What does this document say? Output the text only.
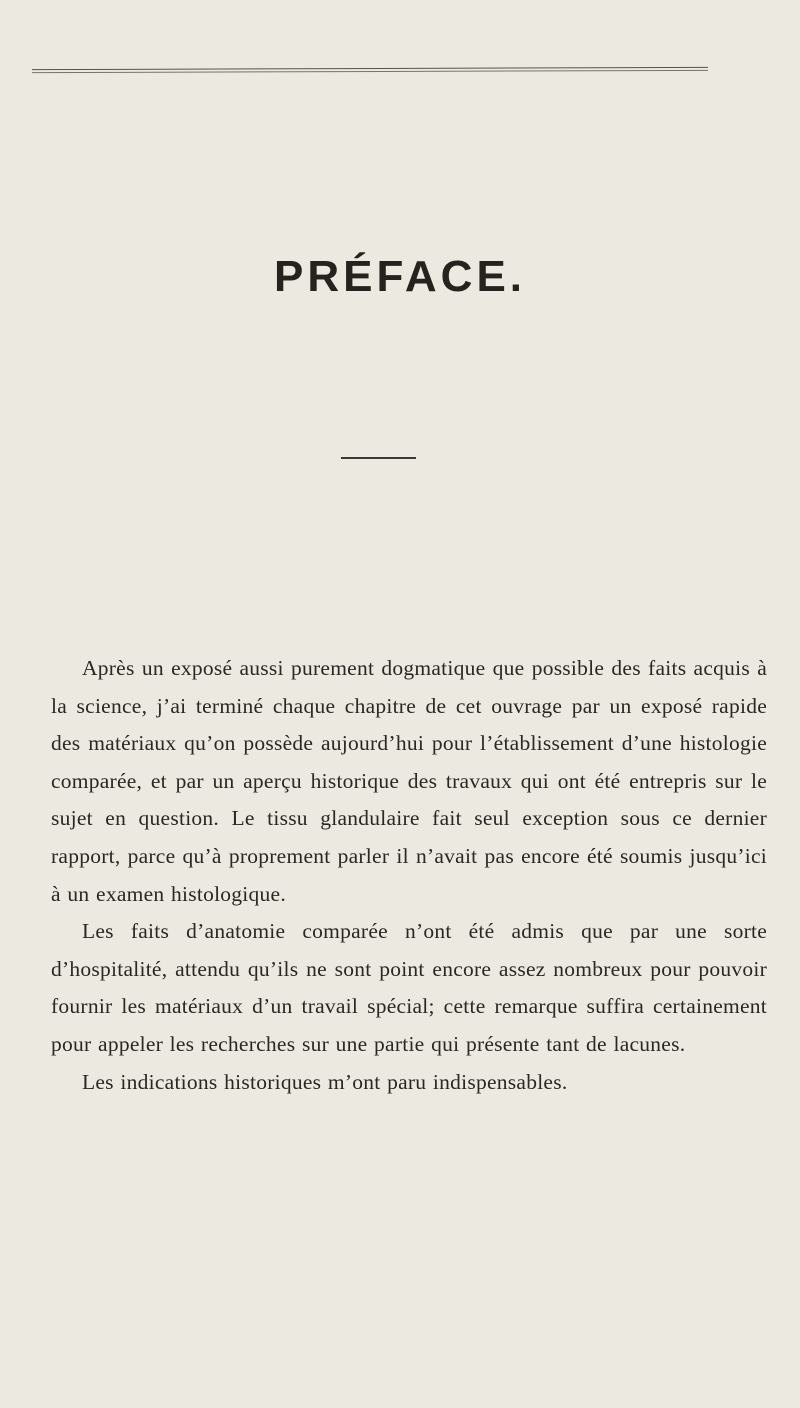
PRÉFACE.

Après un exposé aussi purement dogmatique que possible des faits acquis à la science, j’ai terminé chaque chapitre de cet ouvrage par un exposé rapide des matériaux qu’on possède aujourd’hui pour l’établissement d’une histologie comparée, et par un aperçu historique des travaux qui ont été entrepris sur le sujet en question. Le tissu glandulaire fait seul exception sous ce dernier rapport, parce qu’à proprement parler il n’avait pas encore été soumis jusqu’ici à un examen histologique.

Les faits d’anatomie comparée n’ont été admis que par une sorte d’hospitalité, attendu qu’ils ne sont point encore assez nombreux pour pouvoir fournir les matériaux d’un travail spécial; cette remarque suffira certainement pour appeler les recherches sur une partie qui présente tant de lacunes.

Les indications historiques m’ont paru indispensables.
